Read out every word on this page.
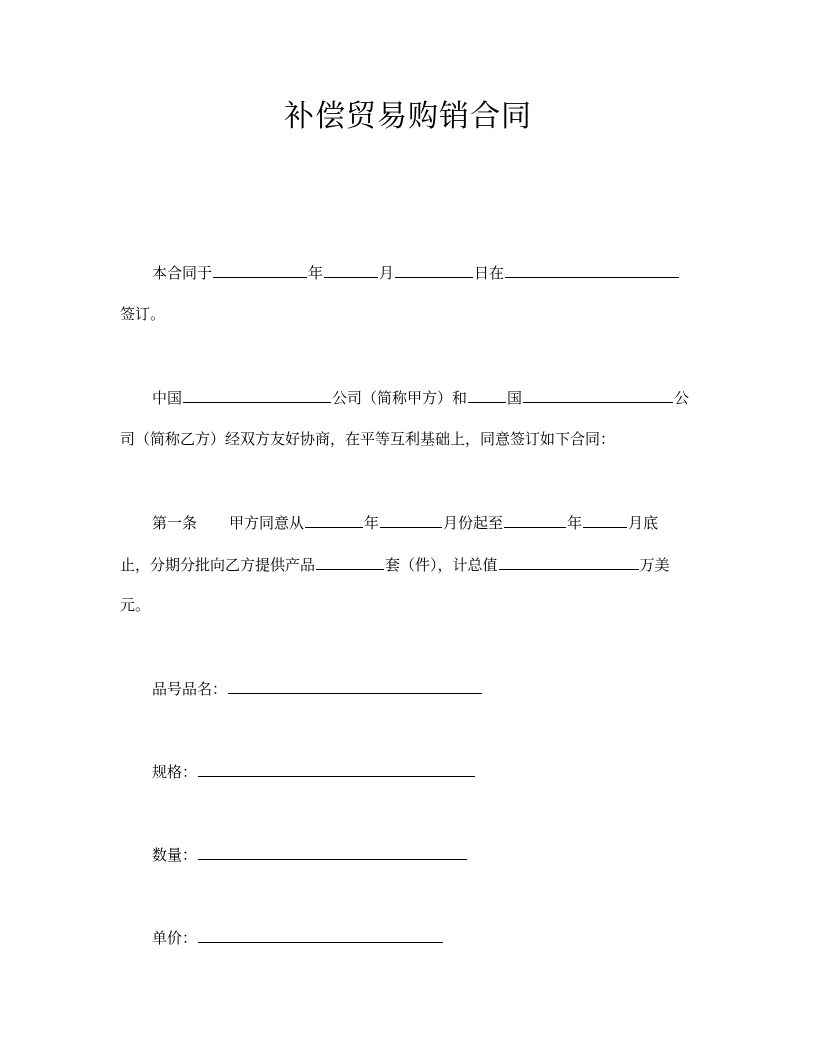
补偿贸易购销合同
本合同于	年	月	日在
签订。
中国	公司（简称甲方）和	国	公
司（简称乙方）经双方友好协商，在平等互利基础上，同意签订如下合同：
第一条 甲方同意从	年	月份起至	年	月底
止，分期分批向乙方提供产品	套（件），计总值	万美
元。
品号品名：
规格：
数量：
单价：
